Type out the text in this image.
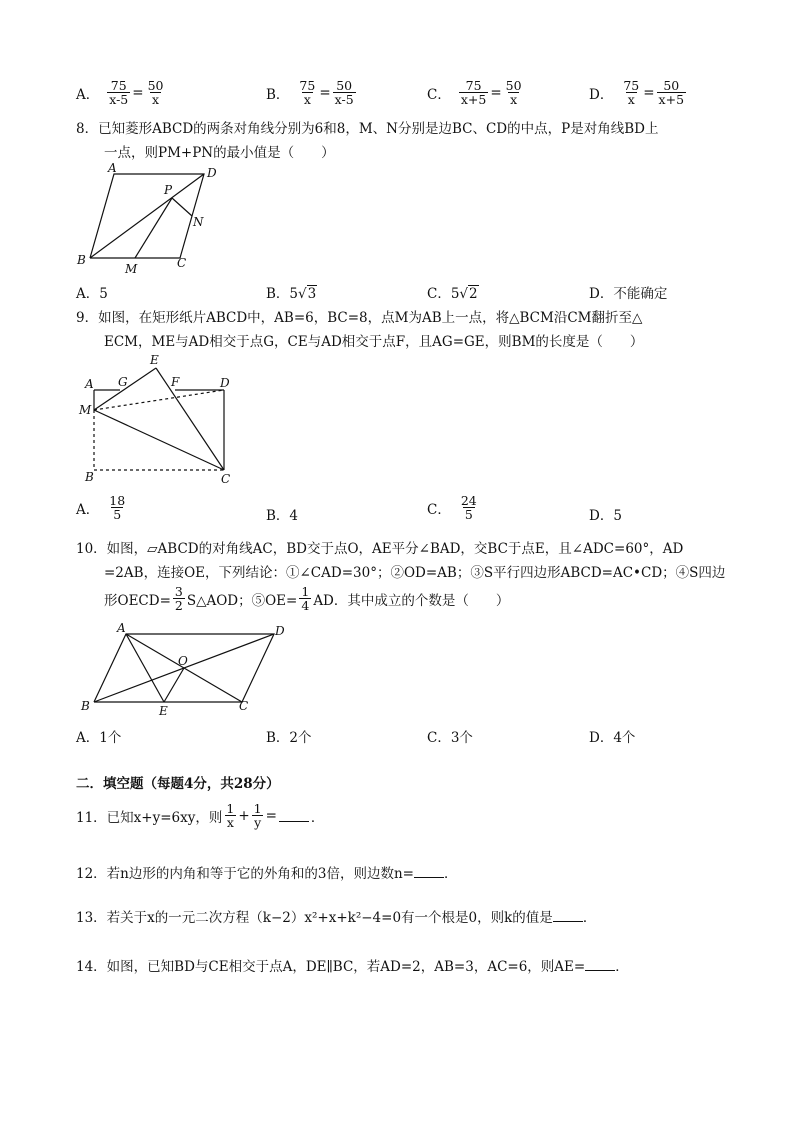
A． $\frac{75}{x-5} = \frac{50}{x}$	B． $\frac{75}{x} = \frac{50}{x-5}$	C． $\frac{75}{x+5} = \frac{50}{x}$	D． $\frac{75}{x} = \frac{50}{x+5}$
8．已知菱形ABCD的两条对角线分别为6和8，M、N分别是边BC、CD的中点，P是对角线BD上
一点，则PM+PN的最小值是（　　）
A	D
P
N
B
M	C
A．5	B．5√3	C．5√2	D．不能确定
9．如图，在矩形纸片ABCD中，AB=6，BC=8，点M为AB上一点，将△BCM沿CM翻折至△
ECM，ME与AD相交于点G，CE与AD相交于点F，且AG=GE，则BM的长度是（　　）
E
A G	F	D
M
B	C
A． $\frac{18}{5}$	B．4	C． $\frac{24}{5}$	D．5
10．如图，▱ABCD的对角线AC，BD交于点O，AE平分∠BAD，交BC于点E，且∠ADC=60°，AD
=2AB，连接OE，下列结论：①∠CAD=30°；②OD=AB；③S平行四边形ABCD=AC•CD；④S四边
形OECD= $\frac{3}{2}$ S△AOD；⑤OE= $\frac{1}{4}$ AD．其中成立的个数是（　　）
A	D
O
B	E	C
A．1个	B．2个	C．3个	D．4个
二．填空题（每题4分，共28分）
11．已知x+y=6xy，则 $\frac{1}{x} + \frac{1}{y}$ =	．
12．若n边形的内角和等于它的外角和的3倍，则边数n= ．
13．若关于x的一元二次方程（k−2）x²+x+k²−4=0有一个根是0，则k的值是 ．
14．如图，已知BD与CE相交于点A，DE∥BC，若AD=2，AB=3，AC=6，则AE= ．
